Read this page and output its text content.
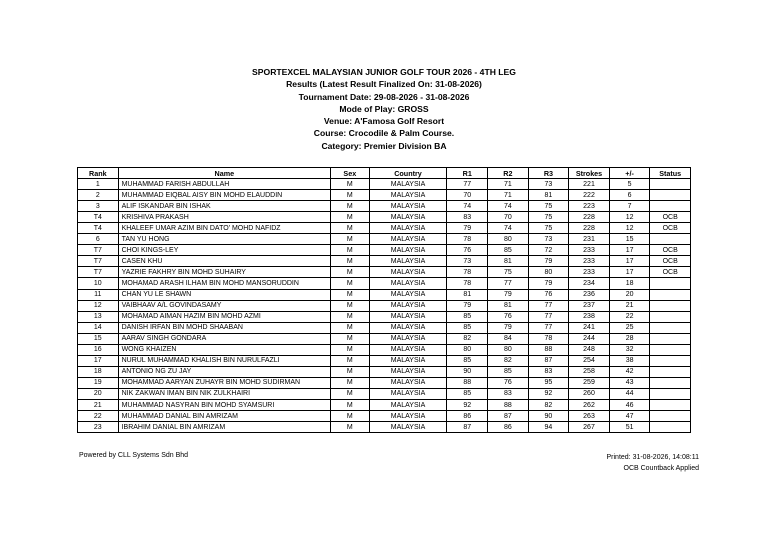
SPORTEXCEL MALAYSIAN JUNIOR GOLF TOUR 2026 - 4TH LEG
Results (Latest Result Finalized On: 31-08-2026)
Tournament Date: 29-08-2026 - 31-08-2026
Mode of Play: GROSS
Venue: A'Famosa Golf Resort
Course: Crocodile & Palm Course.
Category: Premier Division BA
Rank	Name	Sex	Country	R1	R2	R3	Strokes	+/-	Status
1	MUHAMMAD FARISH ABDULLAH	M	MALAYSIA	77	71	73	221	5	
2	MUHAMMAD EIQBAL AISY BIN MOHD ELAUDDIN	M	MALAYSIA	70	71	81	222	6	
3	ALIF ISKANDAR BIN ISHAK	M	MALAYSIA	74	74	75	223	7	
T4	KRISHIVA PRAKASH	M	MALAYSIA	83	70	75	228	12	OCB
T4	KHALEEF UMAR AZIM BIN DATO' MOHD NAFIDZ	M	MALAYSIA	79	74	75	228	12	OCB
6	TAN YU HONG	M	MALAYSIA	78	80	73	231	15	
T7	CHOI KINGS-LEY	M	MALAYSIA	76	85	72	233	17	OCB
T7	CASEN KHU	M	MALAYSIA	73	81	79	233	17	OCB
T7	YAZRIE FAKHRY BIN MOHD SUHAIRY	M	MALAYSIA	78	75	80	233	17	OCB
10	MOHAMAD ARASH ILHAM BIN MOHD MANSORUDDIN	M	MALAYSIA	78	77	79	234	18	
11	CHAN YU LE SHAWN	M	MALAYSIA	81	79	76	236	20	
12	VAIBHAAV A/L GOVINDASAMY	M	MALAYSIA	79	81	77	237	21	
13	MOHAMAD AIMAN HAZIM BIN MOHD AZMI	M	MALAYSIA	85	76	77	238	22	
14	DANISH IRFAN BIN MOHD SHAABAN	M	MALAYSIA	85	79	77	241	25	
15	AARAV SINGH GONDARA	M	MALAYSIA	82	84	78	244	28	
16	WONG KHAIZEN	M	MALAYSIA	80	80	88	248	32	
17	NURUL MUHAMMAD KHALISH BIN NURULFAZLI	M	MALAYSIA	85	82	87	254	38	
18	ANTONIO NG ZU JAY	M	MALAYSIA	90	85	83	258	42	
19	MOHAMMAD AARYAN ZUHAYR BIN MOHD SUDIRMAN	M	MALAYSIA	88	76	95	259	43	
20	NIK ZAKWAN IMAN BIN NIK ZULKHAIRI	M	MALAYSIA	85	83	92	260	44	
21	MUHAMMAD NASYRAN BIN MOHD SYAMSURI	M	MALAYSIA	92	88	82	262	46	
22	MUHAMMAD DANIAL BIN AMRIZAM	M	MALAYSIA	86	87	90	263	47	
23	IBRAHIM DANIAL BIN AMRIZAM	M	MALAYSIA	87	86	94	267	51	
Powered by CLL Systems Sdn Bhd	Printed: 31-08-2026, 14:08:11
OCB Countback Applied
